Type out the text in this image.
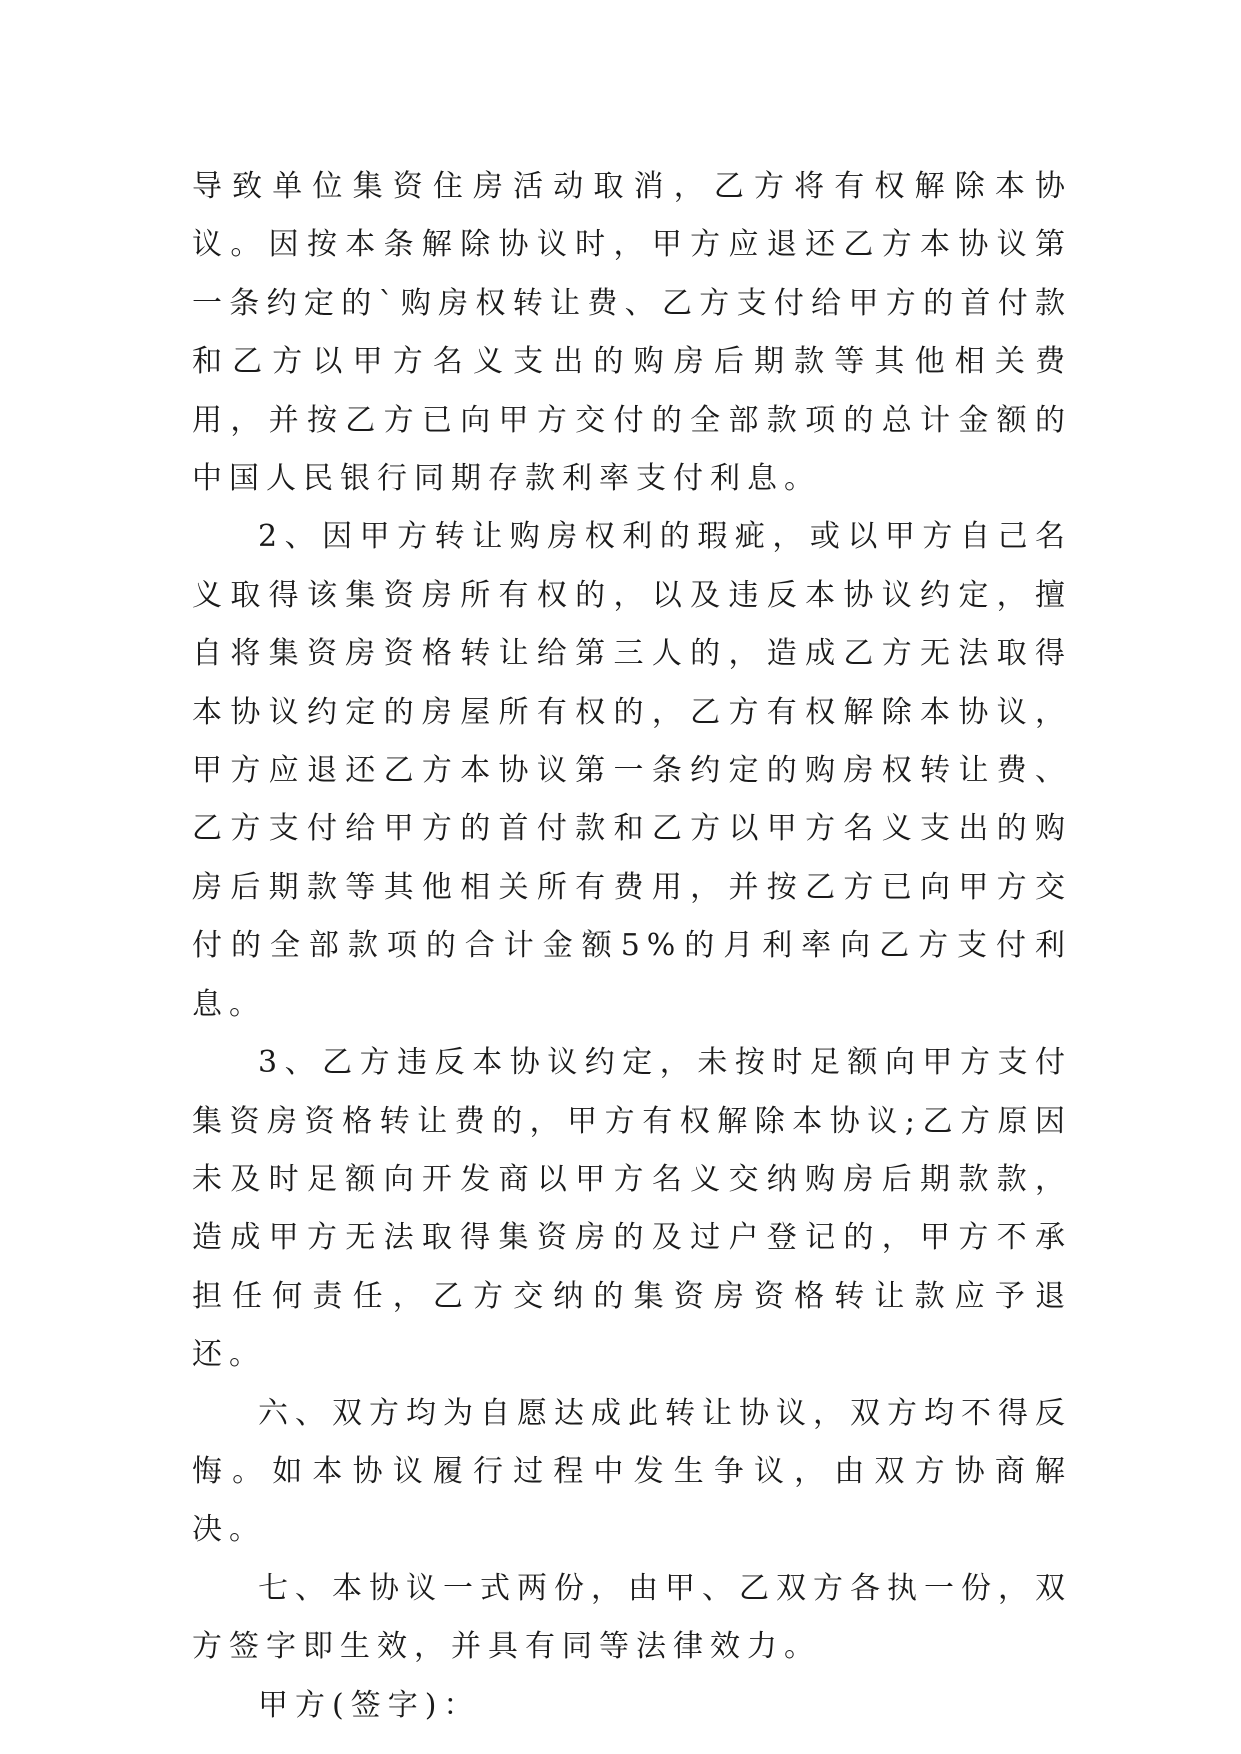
导致单位集资住房活动取消，乙方将有权解除本协议。因按本条解除协议时，甲方应退还乙方本协议第一条约定的`购房权转让费、乙方支付给甲方的首付款和乙方以甲方名义支出的购房后期款等其他相关费用，并按乙方已向甲方交付的全部款项的总计金额的中国人民银行同期存款利率支付利息。

2、因甲方转让购房权利的瑕疵，或以甲方自己名义取得该集资房所有权的，以及违反本协议约定，擅自将集资房资格转让给第三人的，造成乙方无法取得本协议约定的房屋所有权的，乙方有权解除本协议，甲方应退还乙方本协议第一条约定的购房权转让费、乙方支付给甲方的首付款和乙方以甲方名义支出的购房后期款等其他相关所有费用，并按乙方已向甲方交付的全部款项的合计金额5%的月利率向乙方支付利息。

3、乙方违反本协议约定，未按时足额向甲方支付集资房资格转让费的，甲方有权解除本协议;乙方原因未及时足额向开发商以甲方名义交纳购房后期款款，造成甲方无法取得集资房的及过户登记的，甲方不承担任何责任，乙方交纳的集资房资格转让款应予退还。

六、双方均为自愿达成此转让协议，双方均不得反悔。如本协议履行过程中发生争议，由双方协商解决。

七、本协议一式两份，由甲、乙双方各执一份，双方签字即生效，并具有同等法律效力。

甲方(签字)：
